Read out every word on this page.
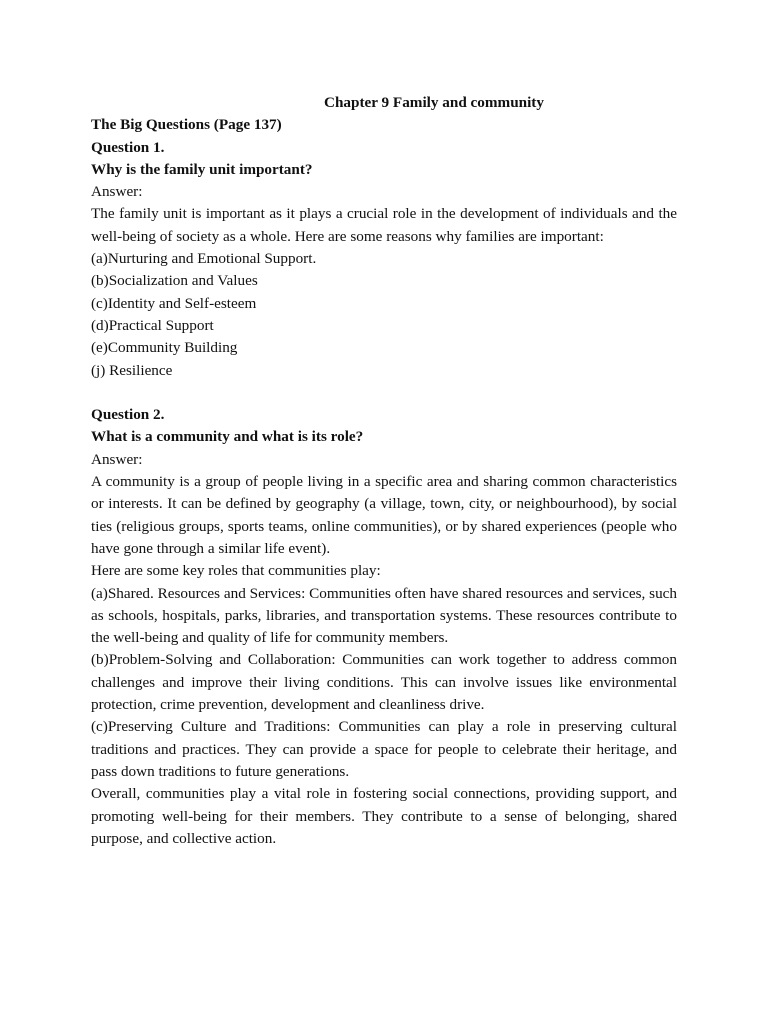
Chapter 9 Family and community

The Big Questions (Page 137)

Question 1.

Why is the family unit important?

Answer:

The family unit is important as it plays a crucial role in the development of individuals and the well-being of society as a whole. Here are some reasons why families are important:

(a)Nurturing and Emotional Support.
(b)Socialization and Values
(c)Identity and Self-esteem
(d)Practical Support
(e)Community Building
(j) Resilience

Question 2.

What is a community and what is its role?

Answer:

A community is a group of people living in a specific area and sharing common characteristics or interests. It can be defined by geography (a village, town, city, or neighbourhood), by social ties (religious groups, sports teams, online communities), or by shared experiences (people who have gone through a similar life event).

Here are some key roles that communities play:

(a)Shared. Resources and Services: Communities often have shared resources and services, such as schools, hospitals, parks, libraries, and transportation systems. These resources contribute to the well-being and quality of life for community members.

(b)Problem-Solving and Collaboration: Communities can work together to address common challenges and improve their living conditions. This can involve issues like environmental protection, crime prevention, development and cleanliness drive.

(c)Preserving Culture and Traditions: Communities can play a role in preserving cultural traditions and practices. They can provide a space for people to celebrate their heritage, and pass down traditions to future generations.

Overall, communities play a vital role in fostering social connections, providing support, and promoting well-being for their members. They contribute to a sense of belonging, shared purpose, and collective action.
